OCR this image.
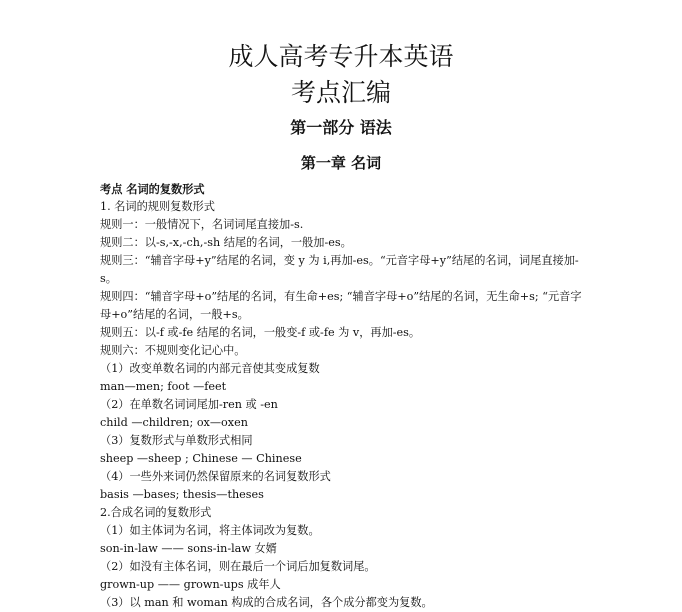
成人高考专升本英语
考点汇编
第一部分 语法
第一章 名词
考点 名词的复数形式
1. 名词的规则复数形式
规则一：一般情况下，名词词尾直接加-s.
规则二：以-s,-x,-ch,-sh 结尾的名词，一般加-es。
规则三：“辅音字母+y”结尾的名词，变 y 为 i,再加-es。“元音字母+y”结尾的名词，词尾直接加-s。
规则四：“辅音字母+o”结尾的名词，有生命+es; “辅音字母+o”结尾的名词，无生命+s; “元音字母+o”结尾的名词，一般+s。
规则五：以-f 或-fe 结尾的名词，一般变-f 或-fe 为 v，再加-es。
规则六：不规则变化记心中。
（1）改变单数名词的内部元音使其变成复数
man—men; foot —feet
（2）在单数名词词尾加-ren 或 -en
child —children; ox—oxen
（3）复数形式与单数形式相同
sheep —sheep ; Chinese — Chinese
（4）一些外来词仍然保留原来的名词复数形式
basis —bases; thesis—theses
2.合成名词的复数形式
（1）如主体词为名词，将主体词改为复数。
son-in-law —— sons-in-law 女婿
（2）如没有主体名词，则在最后一个词后加复数词尾。
grown-up —— grown-ups 成年人
（3）以 man 和 woman 构成的合成名词，各个成分都变为复数。
